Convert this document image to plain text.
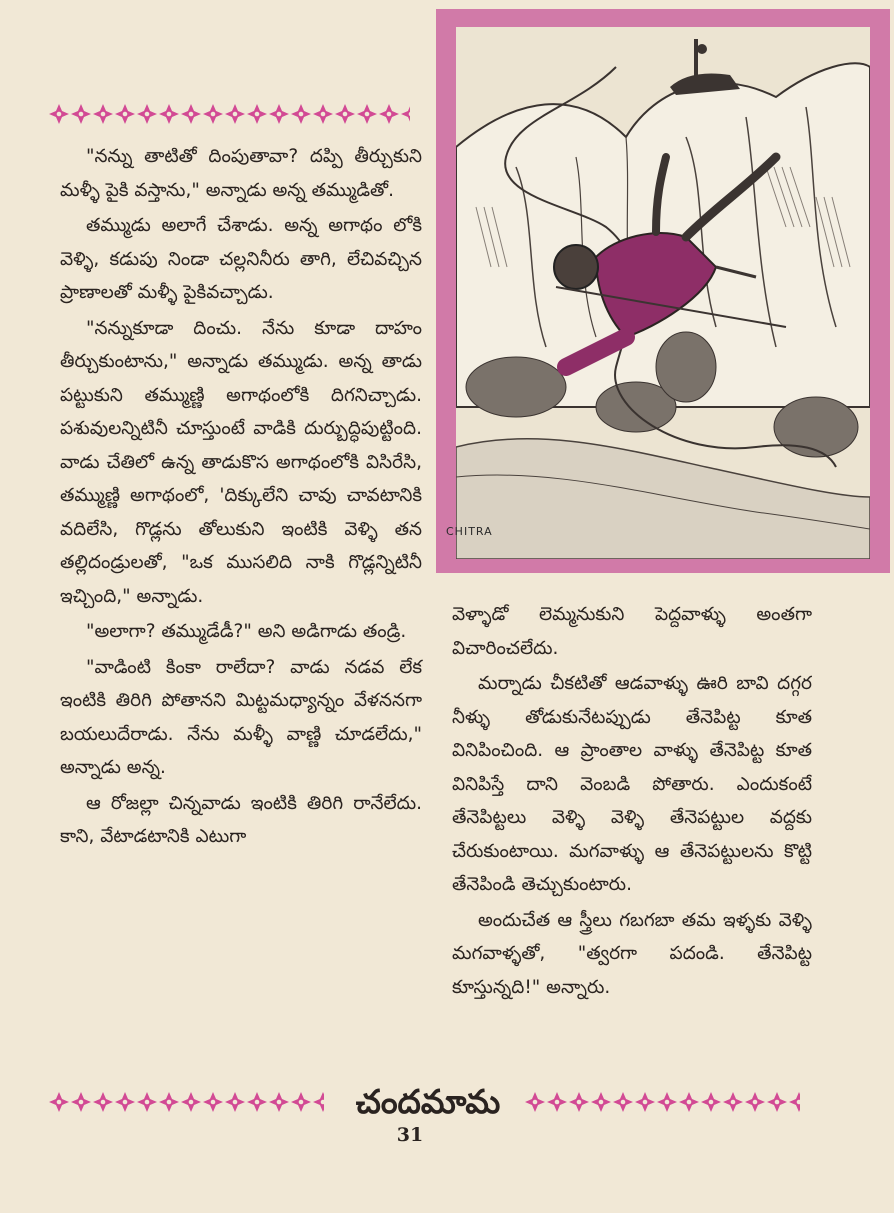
"నన్ను తాటితో దింపుతావా? దప్పి తీర్చుకుని మళ్ళీ పైకి వస్తాను," అన్నాడు అన్న తమ్ముడితో.

తమ్ముడు అలాగే చేశాడు. అన్న అగాథం లోకి వెళ్ళి, కడుపు నిండా చల్లనినీరు తాగి, లేచివచ్చిన ప్రాణాలతో మళ్ళీ పైకివచ్చాడు.

"నన్నుకూడా దించు. నేను కూడా దాహం తీర్చుకుంటాను," అన్నాడు తమ్ముడు. అన్న తాడు పట్టుకుని తమ్ముణ్ణి అగాథంలోకి దిగనిచ్చాడు. పశువులన్నిటినీ చూస్తుంటే వాడికి దుర్బుద్ధిపుట్టింది. వాడు చేతిలో ఉన్న తాడుకొస అగాథంలోకి విసిరేసి, తమ్ముణ్ణి అగాథంలో, 'దిక్కులేని చావు చావటానికి వదిలేసి, గొడ్లను తోలుకుని ఇంటికి వెళ్ళి తన తల్లిదండ్రులతో, "ఒక ముసలిది నాకి గొడ్లన్నిటినీ ఇచ్చింది," అన్నాడు.

"అలాగా? తమ్ముడేడీ?" అని అడిగాడు తండ్రి.

"వాడింటి కింకా రాలేదా? వాడు నడవ లేక ఇంటికి తిరిగి పోతానని మిట్టమధ్యాన్నం వేళననగా బయలుదేరాడు. నేను మళ్ళీ వాణ్ణి చూడలేదు," అన్నాడు అన్న.

ఆ రోజల్లా చిన్నవాడు ఇంటికి తిరిగి రానేలేదు. కాని, వేటాడటానికి ఎటుగా

CHITRA

వెళ్ళాడో లెమ్మనుకుని పెద్దవాళ్ళు అంతగా విచారించలేదు.

మర్నాడు చీకటితో ఆడవాళ్ళు ఊరి బావి దగ్గర నీళ్ళు తోడుకునేటప్పుడు తేనెపిట్ట కూత వినిపించింది. ఆ ప్రాంతాల వాళ్ళు తేనెపిట్ట కూత వినిపిస్తే దాని వెంబడి పోతారు. ఎందుకంటే తేనెపిట్టలు వెళ్ళి వెళ్ళి తేనెపట్టుల వద్దకు చేరుకుంటాయి. మగవాళ్ళు ఆ తేనెపట్టులను కొట్టి తేనెపిండి తెచ్చుకుంటారు.

అందుచేత ఆ స్త్రీలు గబగబా తమ ఇళ్ళకు వెళ్ళి మగవాళ్ళతో, "త్వరగా పదండి. తేనెపిట్ట కూస్తున్నది!" అన్నారు.

చందమామ
31
